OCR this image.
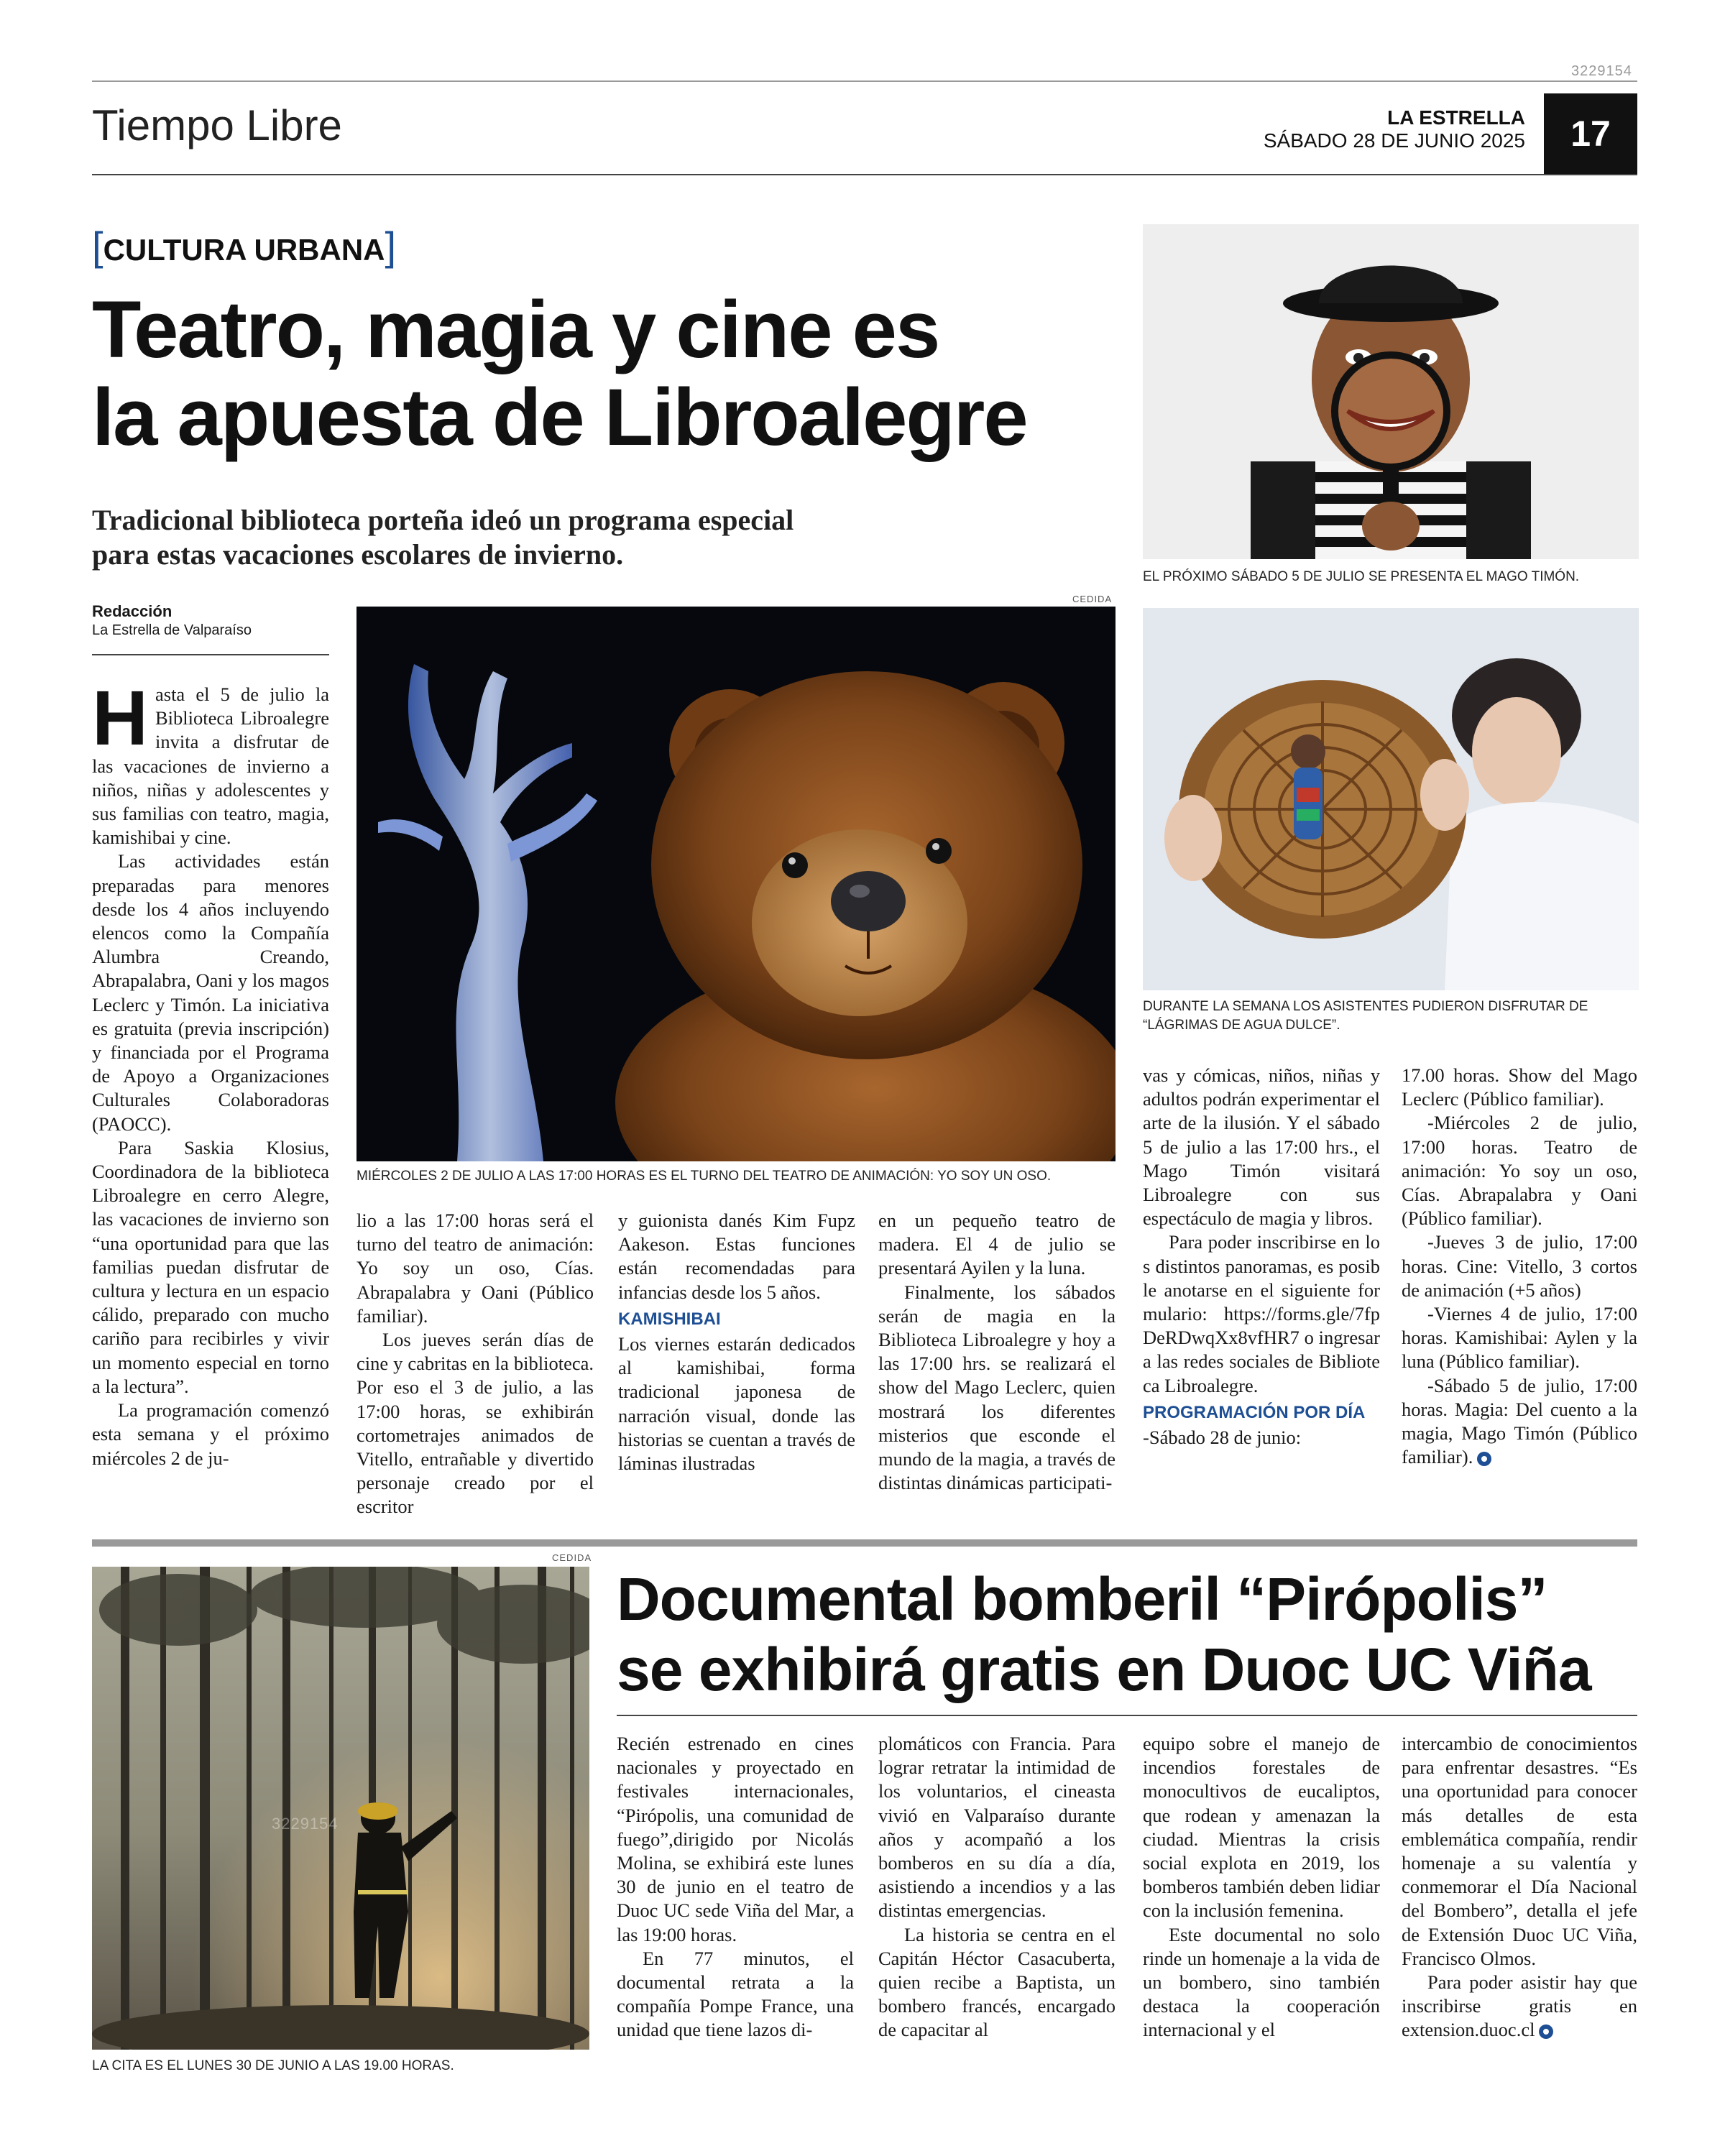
3229154
Tiempo Libre	LA ESTRELLA
SÁBADO 28 DE JUNIO 2025	17
[CULTURA URBANA]
Teatro, magia y cine es
la apuesta de Libroalegre
Tradicional biblioteca porteña ideó un programa especial
para estas vacaciones escolares de invierno.
Redacción
La Estrella de Valparaíso
CEDIDA
MIÉRCOLES 2 DE JULIO A LAS 17:00 HORAS ES EL TURNO DEL TEATRO DE ANIMACIÓN: YO SOY UN OSO.
EL PRÓXIMO SÁBADO 5 DE JULIO SE PRESENTA EL MAGO TIMÓN.
DURANTE LA SEMANA LOS ASISTENTES PUDIERON DISFRUTAR DE
“LÁGRIMAS DE AGUA DULCE”.

Hasta el 5 de julio la Biblioteca Libroalegre invita a disfrutar de las vacaciones de invierno a niños, niñas y adolescentes y sus familias con teatro, magia, kamishibai y cine.

Las actividades están preparadas para menores desde los 4 años incluyendo elencos como la Compañía Alumbra Creando, Abrapalabra, Oani y los magos Leclerc y Timón. La iniciativa es gratuita (previa inscripción) y financiada por el Programa de Apoyo a Organizaciones Culturales Colaboradoras (PAOCC).

Para Saskia Klosius, Coordinadora de la biblioteca Libroalegre en cerro Alegre, las vacaciones de invierno son “una oportunidad para que las familias puedan disfrutar de cultura y lectura en un espacio cálido, preparado con mucho cariño para recibirles y vivir un momento especial en torno a la lectura”.

La programación comenzó esta semana y el próximo miércoles 2 de ju-

lio a las 17:00 horas será el turno del teatro de animación: Yo soy un oso, Cías. Abrapalabra y Oani (Público familiar).

Los jueves serán días de cine y cabritas en la biblioteca. Por eso el 3 de julio, a las 17:00 horas, se exhibirán cortometrajes animados de Vitello, entrañable y divertido personaje creado por el escritor

y guionista danés Kim Fupz Aakeson. Estas funciones están recomendadas para infancias desde los 5 años.

KAMISHIBAI

Los viernes estarán dedicados al kamishibai, forma tradicional japonesa de narración visual, donde las historias se cuentan a través de láminas ilustradas

en un pequeño teatro de madera. El 4 de julio se presentará Ayilen y la luna.

Finalmente, los sábados serán de magia en la Biblioteca Libroalegre y hoy a las 17:00 hrs. se realizará el show del Mago Leclerc, quien mostrará los diferentes misterios que esconde el mundo de la magia, a través de distintas dinámicas participati-

vas y cómicas, niños, niñas y adultos podrán experimentar el arte de la ilusión. Y el sábado 5 de julio a las 17:00 hrs., el Mago Timón visitará Libroalegre con sus espectáculo de magia y libros.

Para poder inscribirse en los distintos panoramas, es posible anotarse en el siguiente formulario: https://forms.gle/7fpDeRDwqXx8vfHR7 o ingresar a las redes sociales de Biblioteca Libroalegre.

PROGRAMACIÓN POR DÍA

-Sábado 28 de junio:

17.00 horas. Show del Mago Leclerc (Público familiar).

-Miércoles 2 de julio, 17:00 horas. Teatro de animación: Yo soy un oso, Cías. Abrapalabra y Oani (Público familiar).

-Jueves 3 de julio, 17:00 horas. Cine: Vitello, 3 cortos de animación (+5 años)

-Viernes 4 de julio, 17:00 horas. Kamishibai: Aylen y la luna (Público familiar).

-Sábado 5 de julio, 17:00 horas. Magia: Del cuento a la magia, Mago Timón (Público familiar).

CEDIDA
3229154
LA CITA ES EL LUNES 30 DE JUNIO A LAS 19.00 HORAS.
Documental bomberil “Pirópolis”
se exhibirá gratis en Duoc UC Viña

Recién estrenado en cines nacionales y proyectado en festivales internacionales, “Pirópolis, una comunidad de fuego”,dirigido por Nicolás Molina, se exhibirá este lunes 30 de junio en el teatro de Duoc UC sede Viña del Mar, a las 19:00 horas.

En 77 minutos, el documental retrata a la compañía Pompe France, una unidad que tiene lazos di-

plomáticos con Francia. Para lograr retratar la intimidad de los voluntarios, el cineasta vivió en Valparaíso durante años y acompañó a los bomberos en su día a día, asistiendo a incendios y a las distintas emergencias.

La historia se centra en el Capitán Héctor Casacuberta, quien recibe a Baptista, un bombero francés, encargado de capacitar al

equipo sobre el manejo de incendios forestales de monocultivos de eucaliptos, que rodean y amenazan la ciudad. Mientras la crisis social explota en 2019, los bomberos también deben lidiar con la inclusión femenina.

Este documental no solo rinde un homenaje a la vida de un bombero, sino también destaca la cooperación internacional y el

intercambio de conocimientos para enfrentar desastres. “Es una oportunidad para conocer más detalles de esta emblemática compañía, rendir homenaje a su valentía y conmemorar el Día Nacional del Bombero”, detalla el jefe de Extensión Duoc UC Viña, Francisco Olmos.

Para poder asistir hay que inscribirse gratis en extension.duoc.cl
